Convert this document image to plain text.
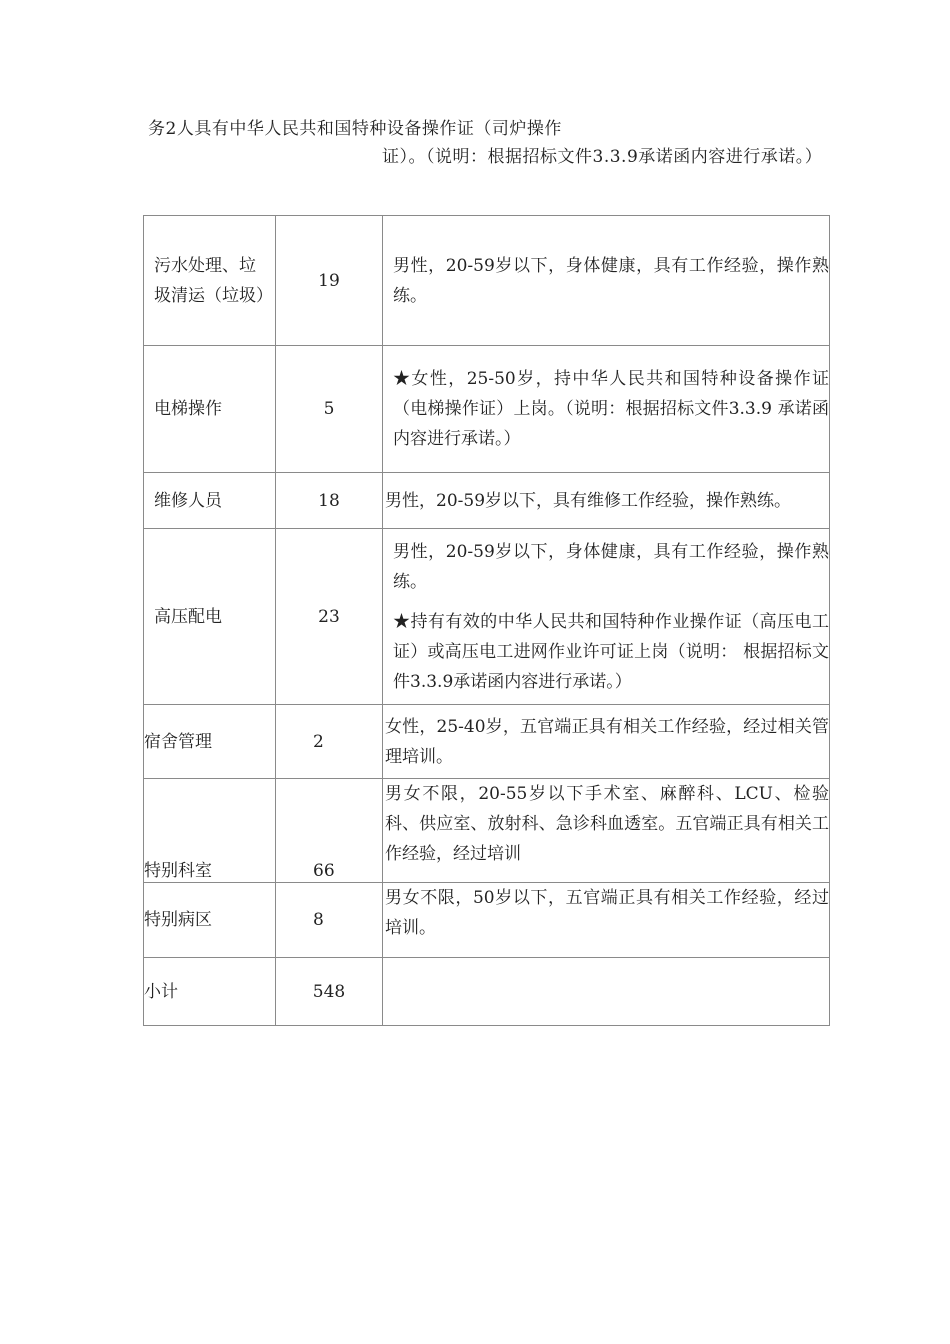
务2人具有中华人民共和国特种设备操作证（司炉操作
证）。（说明：根据招标文件3.3.9承诺函内容进行承诺。）
污水处理、垃圾清运（垃圾）	19	男性，20-59岁以下，身体健康，具有工作经验，操作熟练。

电梯操作	5	★女性，25-50岁，持中华人民共和国特种设备操作证（电梯操作证）上岗。（说明：根据招标文件3.3.9 承诺函内容进行承诺。）

维修人员	18	男性，20-59岁以下，具有维修工作经验，操作熟练。

高压配电	23	男性，20-59岁以下，身体健康，具有工作经验，操作熟练。

★持有有效的中华人民共和国特种作业操作证（高压电工证）或高压电工进网作业许可证上岗（说明： 根据招标文件3.3.9承诺函内容进行承诺。）

宿舍管理	2	女性，25-40岁，五官端正具有相关工作经验，经过相关管理培训。

特别科室	66	男女不限，20-55岁以下手术室、麻醉科、LCU、检验科、供应室、放射科、急诊科血透室。五官端正具有相关工作经验，经过培训

特别病区	8	男女不限，50岁以下，五官端正具有相关工作经验，经过培训。

小计	548	
